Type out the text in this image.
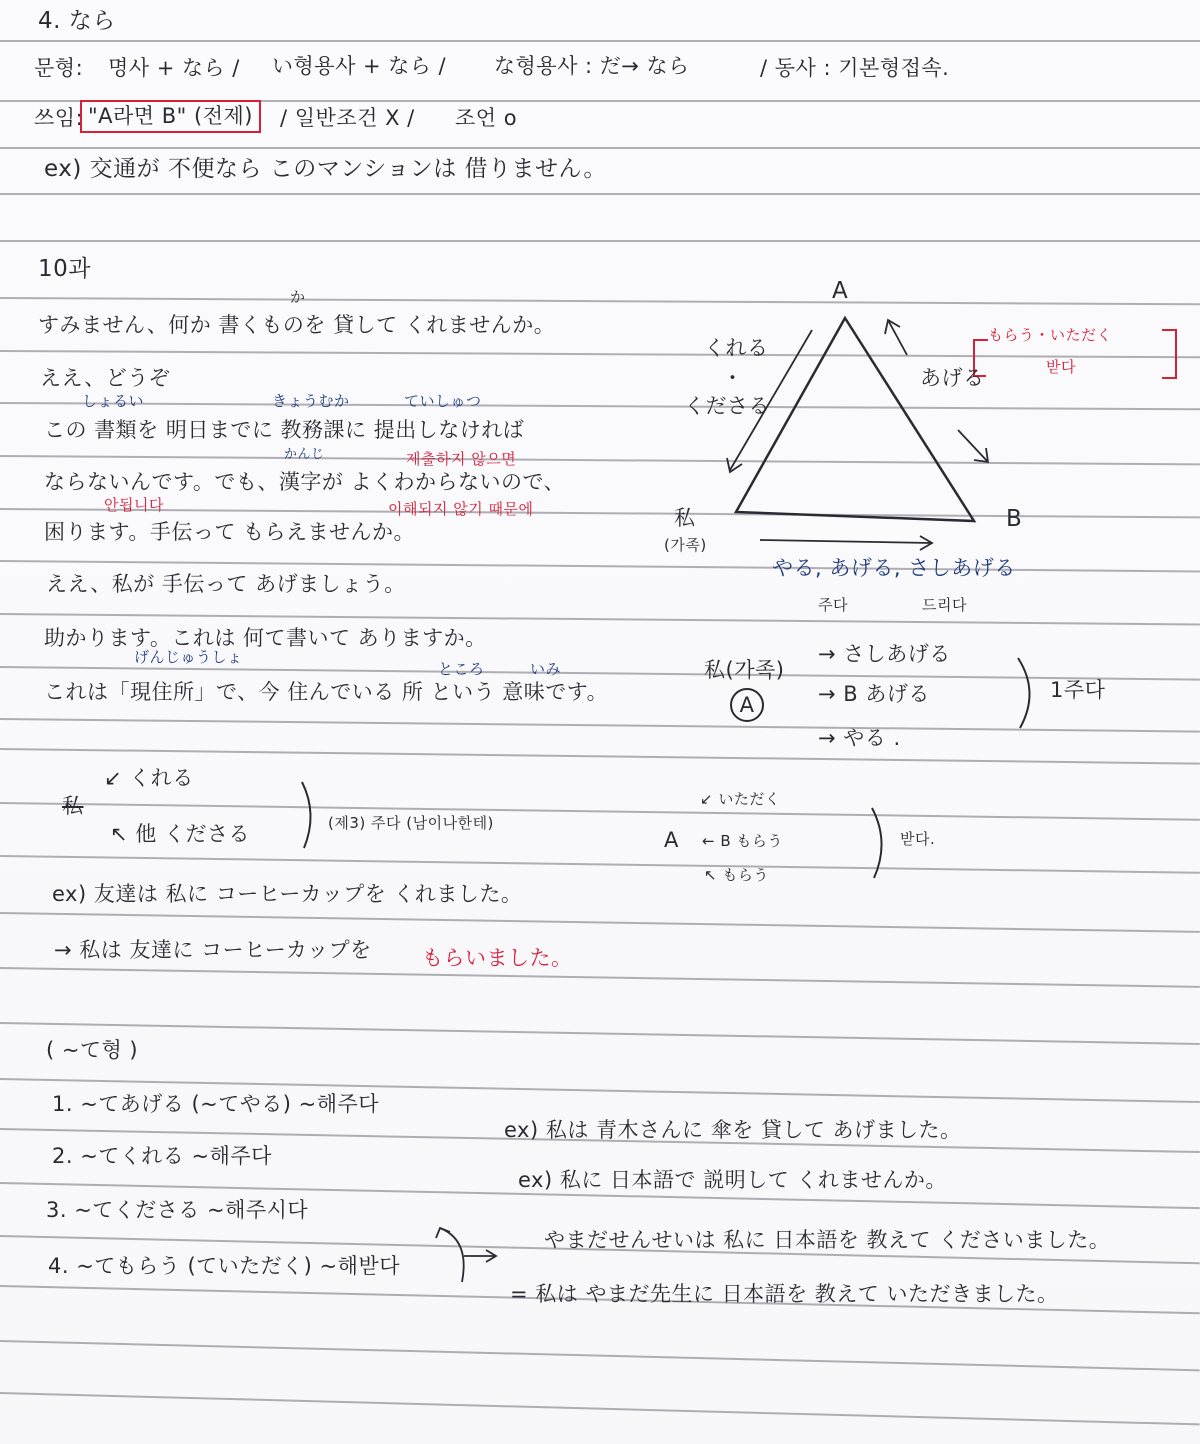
4. なら
문형: 명사 + なら / い형용사 + なら / な형용사 : だ→ なら	/ 동사 : 기본형접속.
쓰임: "A라면 B" (전제)	/ 일반조건 X / 조언 o
ex) 交通が 不便なら このマンションは 借りません。
10과
か
すみません、何か 書くものを 貸して くれませんか。
ええ、どうぞ
しょるい	きょうむか	ていしゅつ
この 書類を 明日までに 教務課に 提出しなければ
かんじ	제출하지 않으면
ならないんです。でも、漢字が よくわからないので、
안됩니다	이해되지 않기 때문에
困ります。手伝って もらえませんか。
ええ、私が 手伝って あげましょう。
助かります。これは 何て書いて ありますか。
げんじゅうしょ
ところ	いみ
これは「現住所」で、今 住んでいる 所 という 意味です。
A
B
私
(가족)
くれる
・
くださる
あげる
もらう・いただく
받다
やる, あげる, さしあげる
주다	드리다
私(가족)
A
→ さしあげる
→ B あげる
→ やる .
1주다
私
↙ くれる
↖ 他 くださる	(제3) 주다 (남이나한테)
A
↙ いただく
← B もらう
↖ もらう
받다.
ex) 友達は 私に コーヒーカップを くれました。
→ 私は 友達に コーヒーカップを もらいました。
( ~て형 )
1. ~てあげる (~てやる) ~해주다
ex) 私は 青木さんに 傘を 貸して あげました。
2. ~てくれる ~해주다
ex) 私に 日本語で 説明して くれませんか。
3. ~てくださる ~해주시다
やまだせんせいは 私に 日本語を 教えて くださいました。
4. ~てもらう (ていただく) ~해받다
= 私は やまだ先生に 日本語を 教えて いただきました。
